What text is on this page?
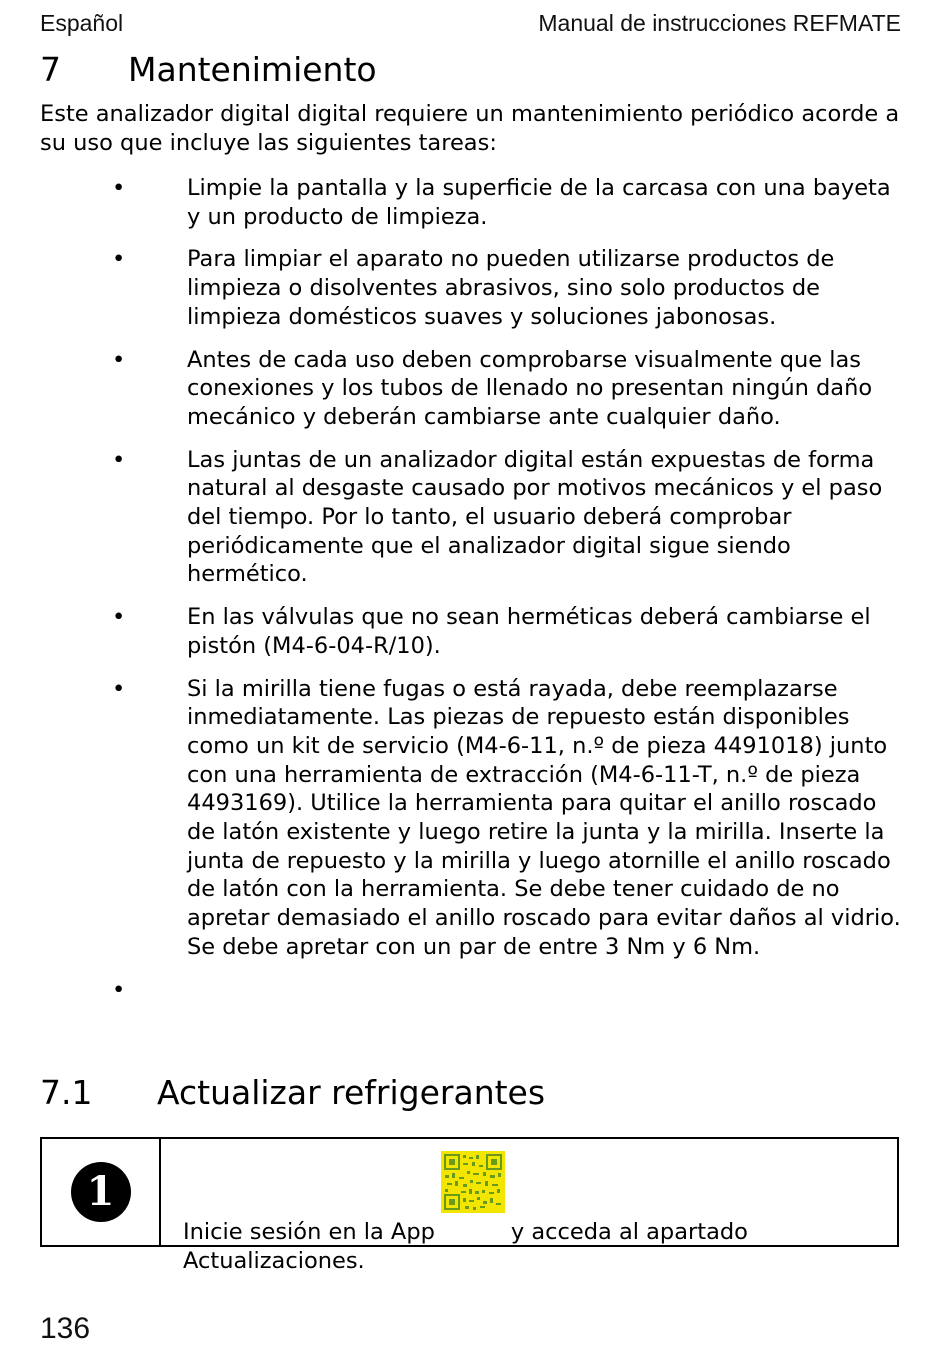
Español	Manual de instrucciones REFMATE
7 Mantenimiento

Este analizador digital digital requiere un mantenimiento periódico acorde a su uso que incluye las siguientes tareas:

•	Limpie la pantalla y la superficie de la carcasa con una bayeta y un producto de limpieza.
•	Para limpiar el aparato no pueden utilizarse productos de limpieza o disolventes abrasivos, sino solo productos de limpieza domésticos suaves y soluciones jabonosas.
•	Antes de cada uso deben comprobarse visualmente que las conexiones y los tubos de llenado no presentan ningún daño mecánico y deberán cambiarse ante cualquier daño.
•	Las juntas de un analizador digital están expuestas de forma natural al desgaste causado por motivos mecánicos y el paso del tiempo. Por lo tanto, el usuario deberá comprobar periódicamente que el analizador digital sigue siendo hermético.
•	En las válvulas que no sean herméticas deberá cambiarse el pistón (M4-6-04-R/10).
•	Si la mirilla tiene fugas o está rayada, debe reemplazarse inmediatamente. Las piezas de repuesto están disponibles como un kit de servicio (M4-6-11, n.º de pieza 4491018) junto con una herramienta de extracción (M4-6-11-T, n.º de pieza 4493169). Utilice la herramienta para quitar el anillo roscado de latón existente y luego retire la junta y la mirilla. Inserte la junta de repuesto y la mirilla y luego atornille el anillo roscado de latón con la herramienta. Se debe tener cuidado de no apretar demasiado el anillo roscado para evitar daños al vidrio. Se debe apretar con un par de entre 3 Nm y 6 Nm.
•
7.1 Actualizar refrigerantes
1
Inicie sesión en la App	y acceda al apartado Actualizaciones.
136
